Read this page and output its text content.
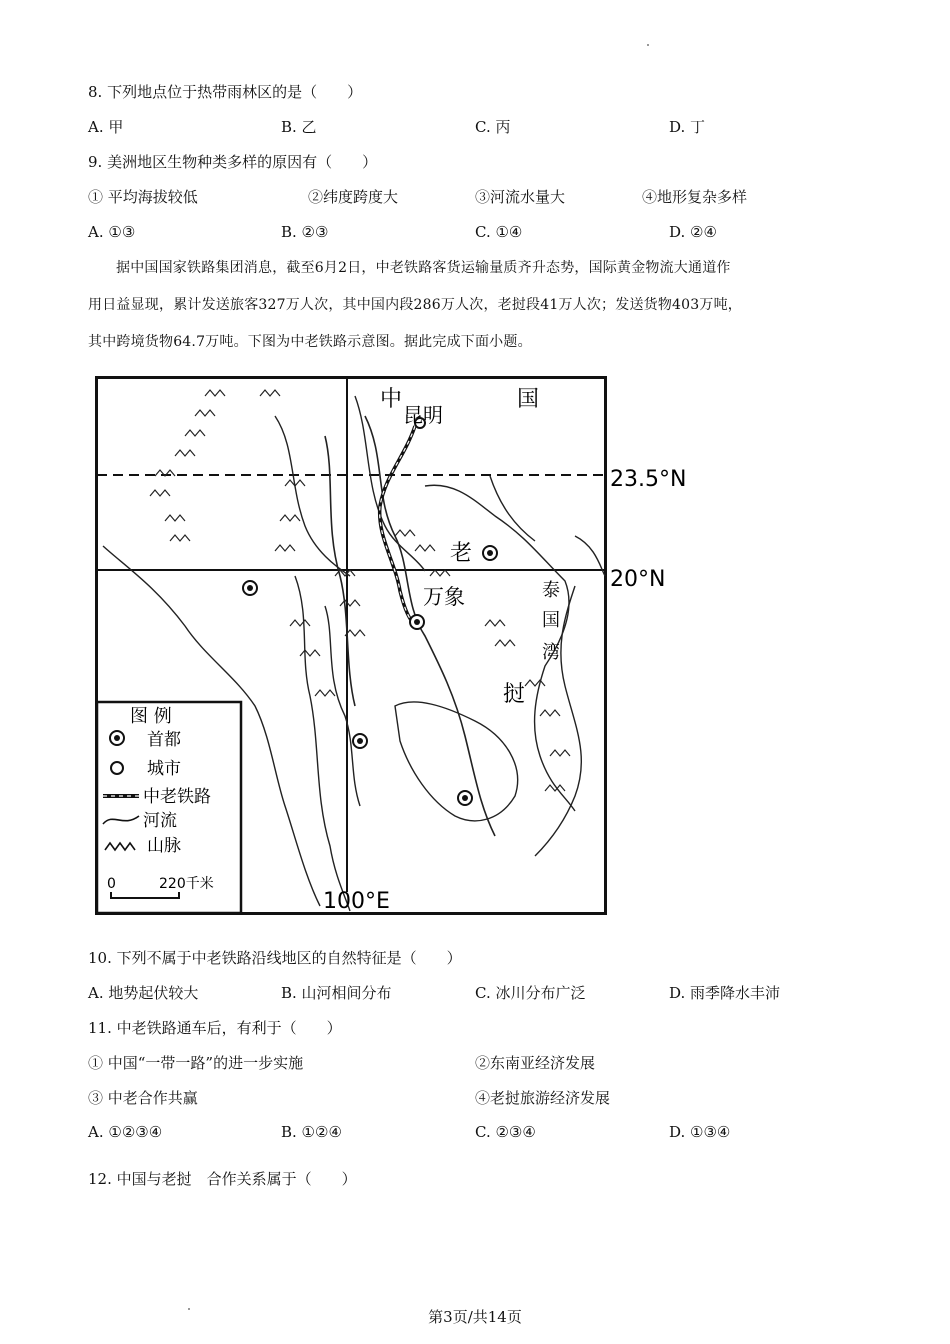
8. 下列地点位于热带雨林区的是（　　）
A. 甲	B. 乙	C. 丙	D. 丁
9. 美洲地区生物种类多样的原因有（　　）
① 平均海拔较低	②纬度跨度大	③河流水量大	④地形复杂多样
A. ①③	B. ②③	C. ①④	D. ②④
据中国国家铁路集团消息，截至6月2日，中老铁路客货运输量质齐升态势，国际黄金物流大通道作
用日益显现，累计发送旅客327万人次，其中国内段286万人次，老挝段41万人次；发送货物403万吨，
其中跨境货物64.7万吨。下图为中老铁路示意图。据此完成下面小题。
中	国
昆明
老
万象	泰
国
湾
挝
23.5°N
20°N
100°E
图 例
首都
城市
中老铁路
河流
山脉
0	220千米
10. 下列不属于中老铁路沿线地区的自然特征是（　　）
A. 地势起伏较大	B. 山河相间分布	C. 冰川分布广泛	D. 雨季降水丰沛
11. 中老铁路通车后，有利于（　　）
① 中国“一带一路”的进一步实施	②东南亚经济发展
③ 中老合作共赢	④老挝旅游经济发展
A. ①②③④	B. ①②④	C. ②③④	D. ①③④
12. 中国与老挝　合作关系属于（　　）
第3页/共14页
